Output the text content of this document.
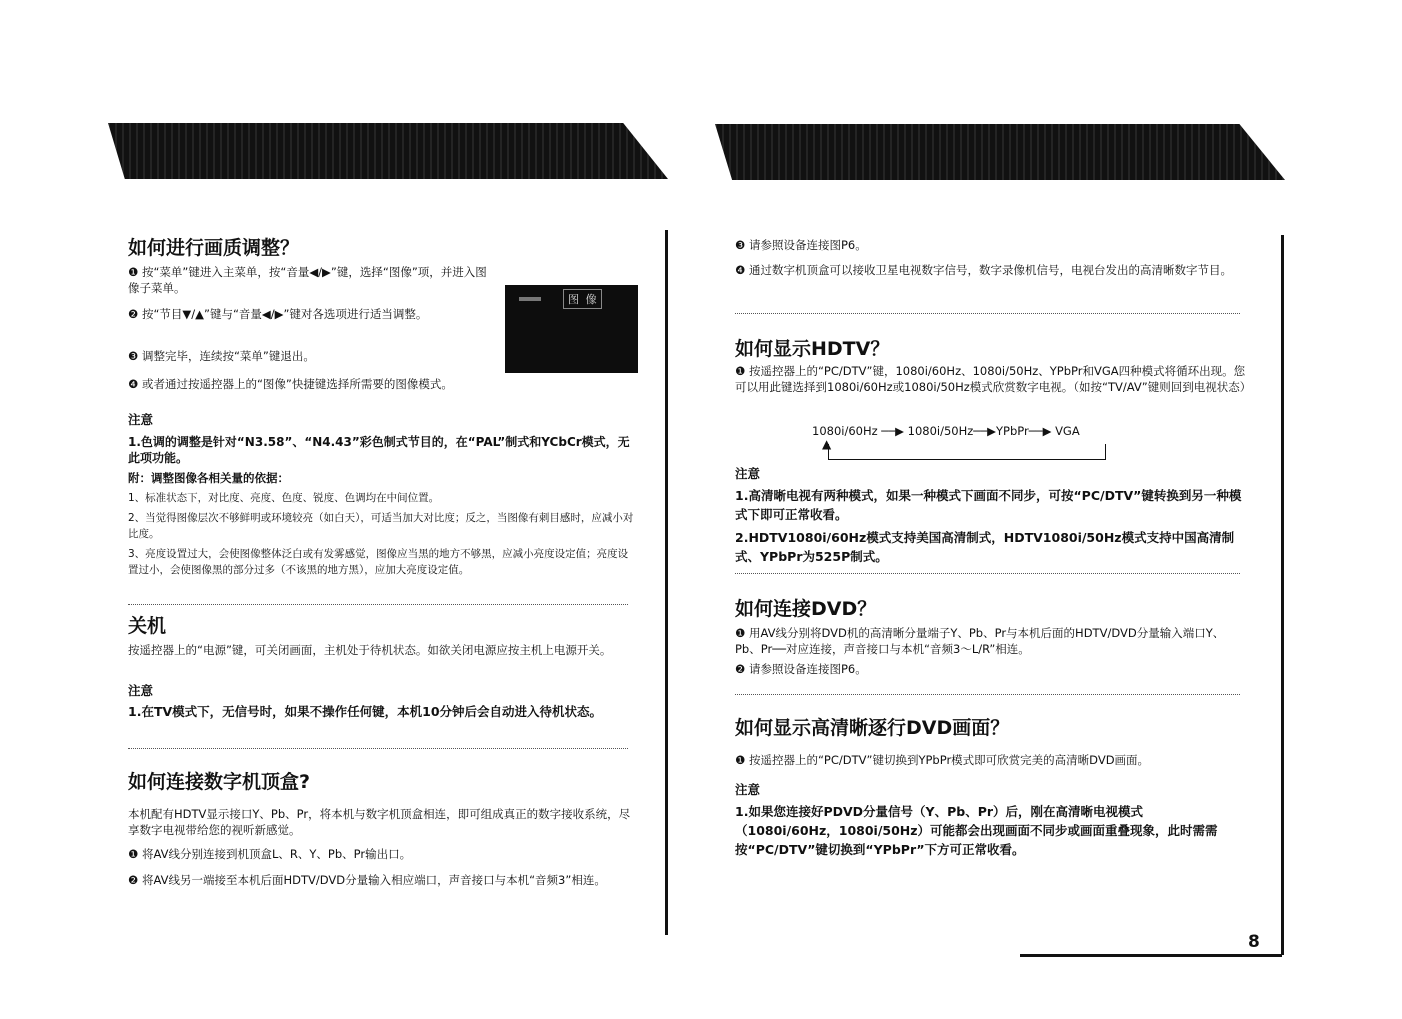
如何进行画质调整？

❶ 按“菜单”键进入主菜单，按“音量◀/▶”键，选择“图像”项，并进入图像子菜单。

❷ 按“节目▼/▲”键与“音量◀/▶”键对各选项进行适当调整。

❸ 调整完毕，连续按“菜单”键退出。

❹ 或者通过按遥控器上的“图像”快捷键选择所需要的图像模式。

图 像

注意

1.色调的调整是针对“N3.58”、“N4.43”彩色制式节目的，在“PAL”制式和YCbCr模式，无此项功能。

附：调整图像各相关量的依据：

1、标准状态下，对比度、亮度、色度、锐度、色调均在中间位置。

2、当觉得图像层次不够鲜明或环境较亮（如白天），可适当加大对比度；反之，当图像有刺目感时，应减小对比度。

3、亮度设置过大，会使图像整体泛白或有发雾感觉，图像应当黑的地方不够黑，应减小亮度设定值；亮度设置过小，会使图像黑的部分过多（不该黑的地方黑），应加大亮度设定值。

关机

按遥控器上的“电源”键，可关闭画面，主机处于待机状态。如欲关闭电源应按主机上电源开关。

注意

1.在TV模式下，无信号时，如果不操作任何键，本机10分钟后会自动进入待机状态。

如何连接数字机顶盒?

本机配有HDTV显示接口Y、Pb、Pr，将本机与数字机顶盒相连，即可组成真正的数字接收系统，尽享数字电视带给您的视听新感觉。

❶ 将AV线分别连接到机顶盒L、R、Y、Pb、Pr输出口。

❷ 将AV线另一端接至本机后面HDTV/DVD分量输入相应端口，声音接口与本机“音频3”相连。

❸ 请参照设备连接图P6。

❹ 通过数字机顶盒可以接收卫星电视数字信号，数字录像机信号，电视台发出的高清晰数字节目。

如何显示HDTV？

❶ 按遥控器上的“PC/DTV”键，1080i/60Hz、1080i/50Hz、YPbPr和VGA四种模式将循环出现。您可以用此键选择到1080i/60Hz或1080i/50Hz模式欣赏数字电视。（如按“TV/AV”键则回到电视状态）

1080i/60Hz ──▶ 1080i/50Hz──▶YPbPr──▶ VGA
▲

注意

1.高清晰电视有两种模式，如果一种模式下画面不同步，可按“PC/DTV”键转换到另一种模式下即可正常收看。

2.HDTV1080i/60Hz模式支持美国高清制式，HDTV1080i/50Hz模式支持中国高清制式、YPbPr为525P制式。

如何连接DVD？

❶ 用AV线分别将DVD机的高清晰分量端子Y、Pb、Pr与本机后面的HDTV/DVD分量输入端口Y、Pb、Pr──对应连接，声音接口与本机“音频3～L/R”相连。

❷ 请参照设备连接图P6。

如何显示高清晰逐行DVD画面？

❶ 按遥控器上的“PC/DTV”键切换到YPbPr模式即可欣赏完美的高清晰DVD画面。

注意

1.如果您连接好PDVD分量信号（Y、Pb、Pr）后，刚在高清晰电视模式（1080i/60Hz，1080i/50Hz）可能都会出现画面不同步或画面重叠现象，此时需需按“PC/DTV”键切换到“YPbPr”下方可正常收看。

8
